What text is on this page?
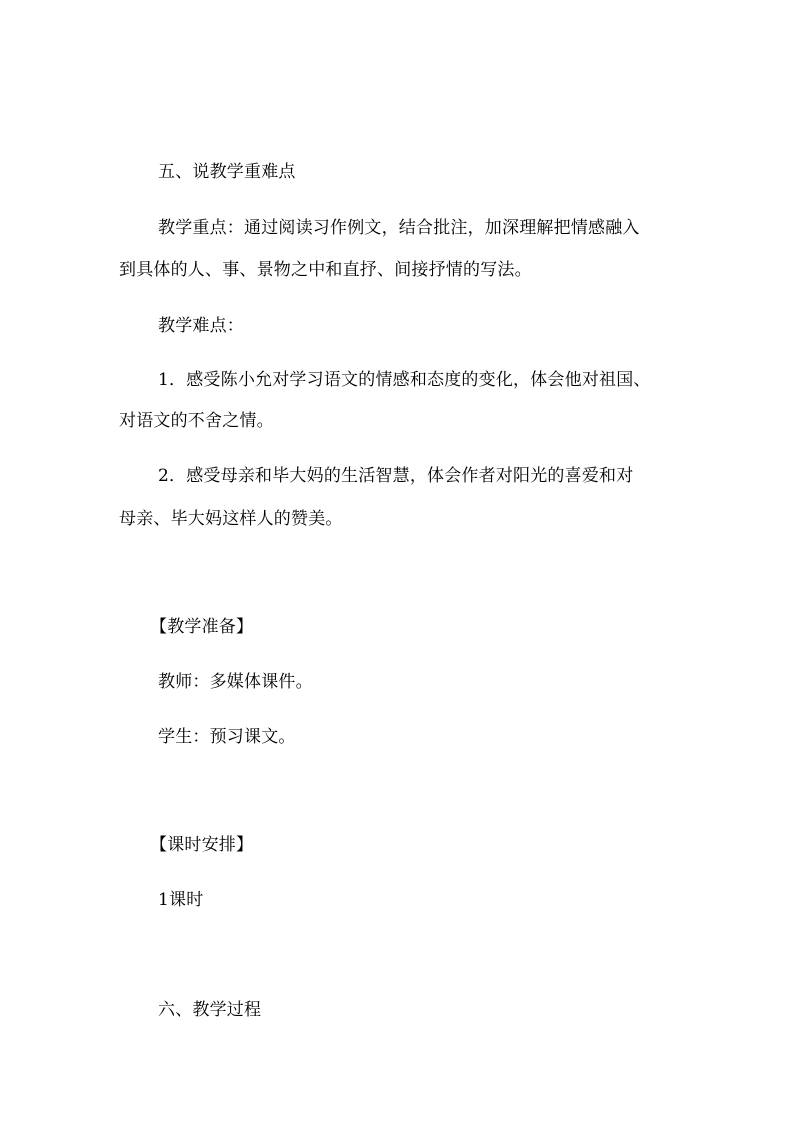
五、说教学重难点
教学重点：通过阅读习作例文，结合批注，加深理解把情感融入
到具体的人、事、景物之中和直抒、间接抒情的写法。
教学难点：
1．感受陈小允对学习语文的情感和态度的变化，体会他对祖国、
对语文的不舍之情。
2．感受母亲和毕大妈的生活智慧，体会作者对阳光的喜爱和对
母亲、毕大妈这样人的赞美。
【教学准备】
教师：多媒体课件。
学生：预习课文。
【课时安排】
1课时
六、教学过程
